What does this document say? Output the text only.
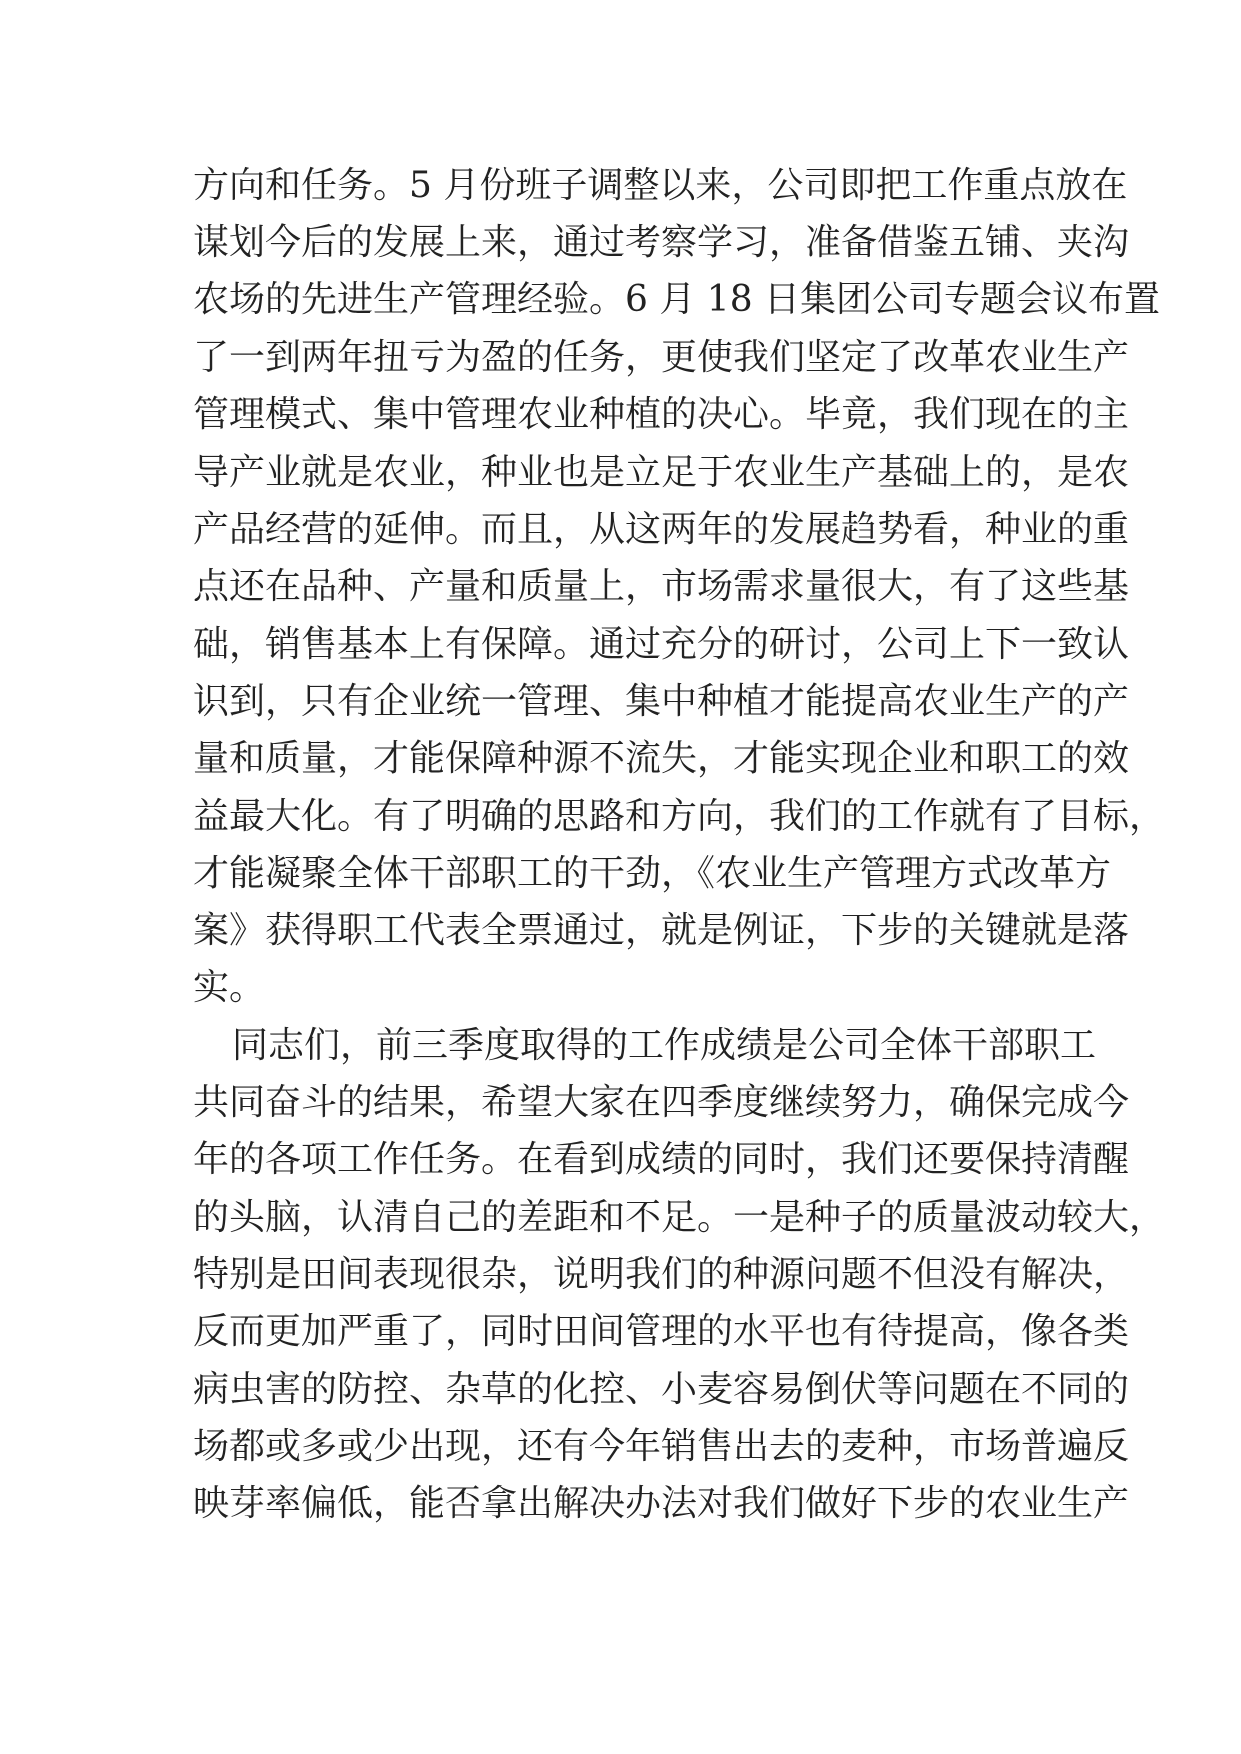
方向和任务。5 月份班子调整以来，公司即把工作重点放在
谋划今后的发展上来，通过考察学习，准备借鉴五铺、夹沟
农场的先进生产管理经验。6 月 18 日集团公司专题会议布置
了一到两年扭亏为盈的任务，更使我们坚定了改革农业生产
管理模式、集中管理农业种植的决心。毕竟，我们现在的主
导产业就是农业，种业也是立足于农业生产基础上的，是农
产品经营的延伸。而且，从这两年的发展趋势看，种业的重
点还在品种、产量和质量上，市场需求量很大，有了这些基
础，销售基本上有保障。通过充分的研讨，公司上下一致认
识到，只有企业统一管理、集中种植才能提高农业生产的产
量和质量，才能保障种源不流失，才能实现企业和职工的效
益最大化。有了明确的思路和方向，我们的工作就有了目标，
才能凝聚全体干部职工的干劲，《农业生产管理方式改革方
案》获得职工代表全票通过，就是例证，下步的关键就是落
实。
同志们，前三季度取得的工作成绩是公司全体干部职工
共同奋斗的结果，希望大家在四季度继续努力，确保完成今
年的各项工作任务。在看到成绩的同时，我们还要保持清醒
的头脑，认清自己的差距和不足。一是种子的质量波动较大，
特别是田间表现很杂，说明我们的种源问题不但没有解决，
反而更加严重了，同时田间管理的水平也有待提高，像各类
病虫害的防控、杂草的化控、小麦容易倒伏等问题在不同的
场都或多或少出现，还有今年销售出去的麦种，市场普遍反
映芽率偏低，能否拿出解决办法对我们做好下步的农业生产
